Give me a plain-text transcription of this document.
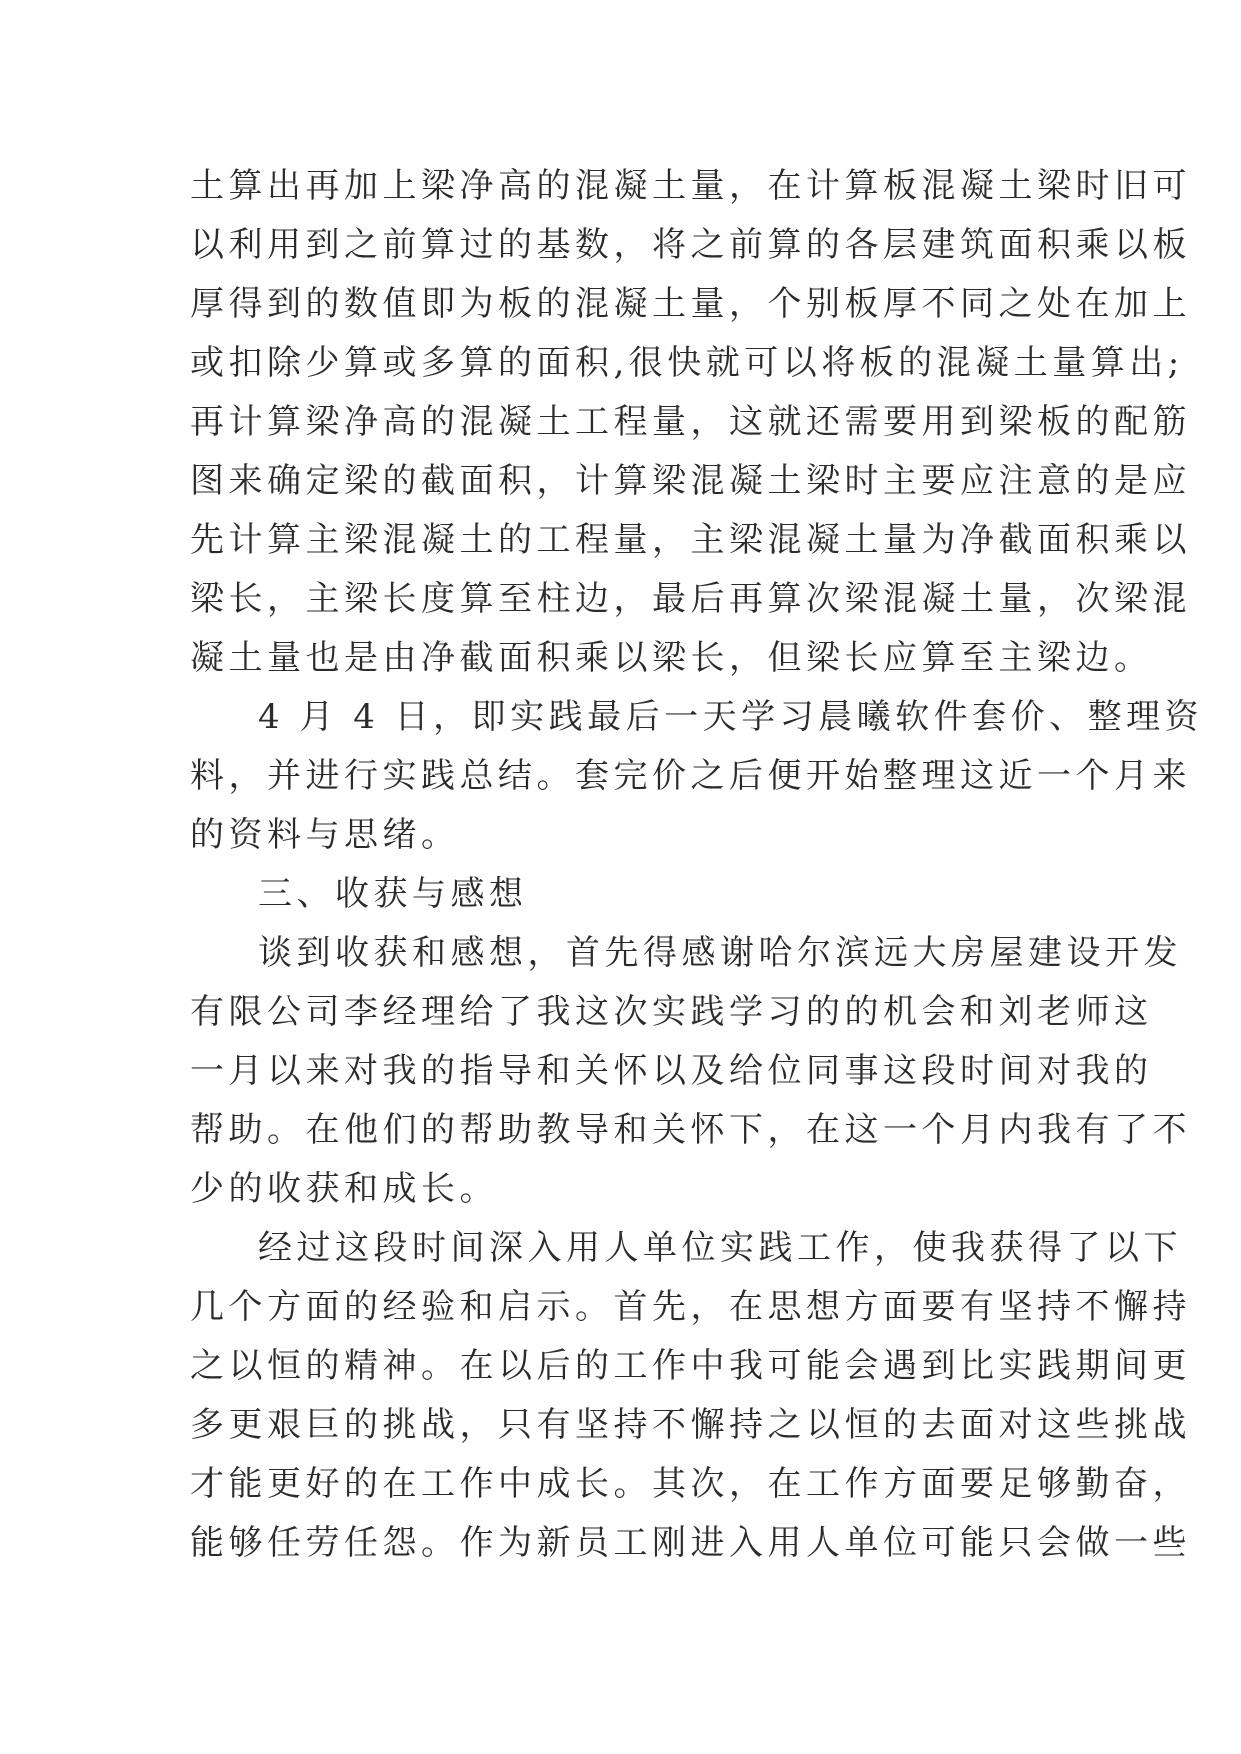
土算出再加上梁净高的混凝土量，在计算板混凝土梁时旧可
以利用到之前算过的基数，将之前算的各层建筑面积乘以板
厚得到的数值即为板的混凝土量，个别板厚不同之处在加上
或扣除少算或多算的面积,很快就可以将板的混凝土量算出;
再计算梁净高的混凝土工程量，这就还需要用到梁板的配筋
图来确定梁的截面积，计算梁混凝土梁时主要应注意的是应
先计算主梁混凝土的工程量，主梁混凝土量为净截面积乘以
梁长，主梁长度算至柱边，最后再算次梁混凝土量，次梁混
凝土量也是由净截面积乘以梁长，但梁长应算至主梁边。
4 月 4 日，即实践最后一天学习晨曦软件套价、整理资
料，并进行实践总结。套完价之后便开始整理这近一个月来
的资料与思绪。
三、收获与感想
谈到收获和感想，首先得感谢哈尔滨远大房屋建设开发
有限公司李经理给了我这次实践学习的的机会和刘老师这
一月以来对我的指导和关怀以及给位同事这段时间对我的
帮助。在他们的帮助教导和关怀下，在这一个月内我有了不
少的收获和成长。
经过这段时间深入用人单位实践工作，使我获得了以下
几个方面的经验和启示。首先，在思想方面要有坚持不懈持
之以恒的精神。在以后的工作中我可能会遇到比实践期间更
多更艰巨的挑战，只有坚持不懈持之以恒的去面对这些挑战
才能更好的在工作中成长。其次，在工作方面要足够勤奋，
能够任劳任怨。作为新员工刚进入用人单位可能只会做一些
